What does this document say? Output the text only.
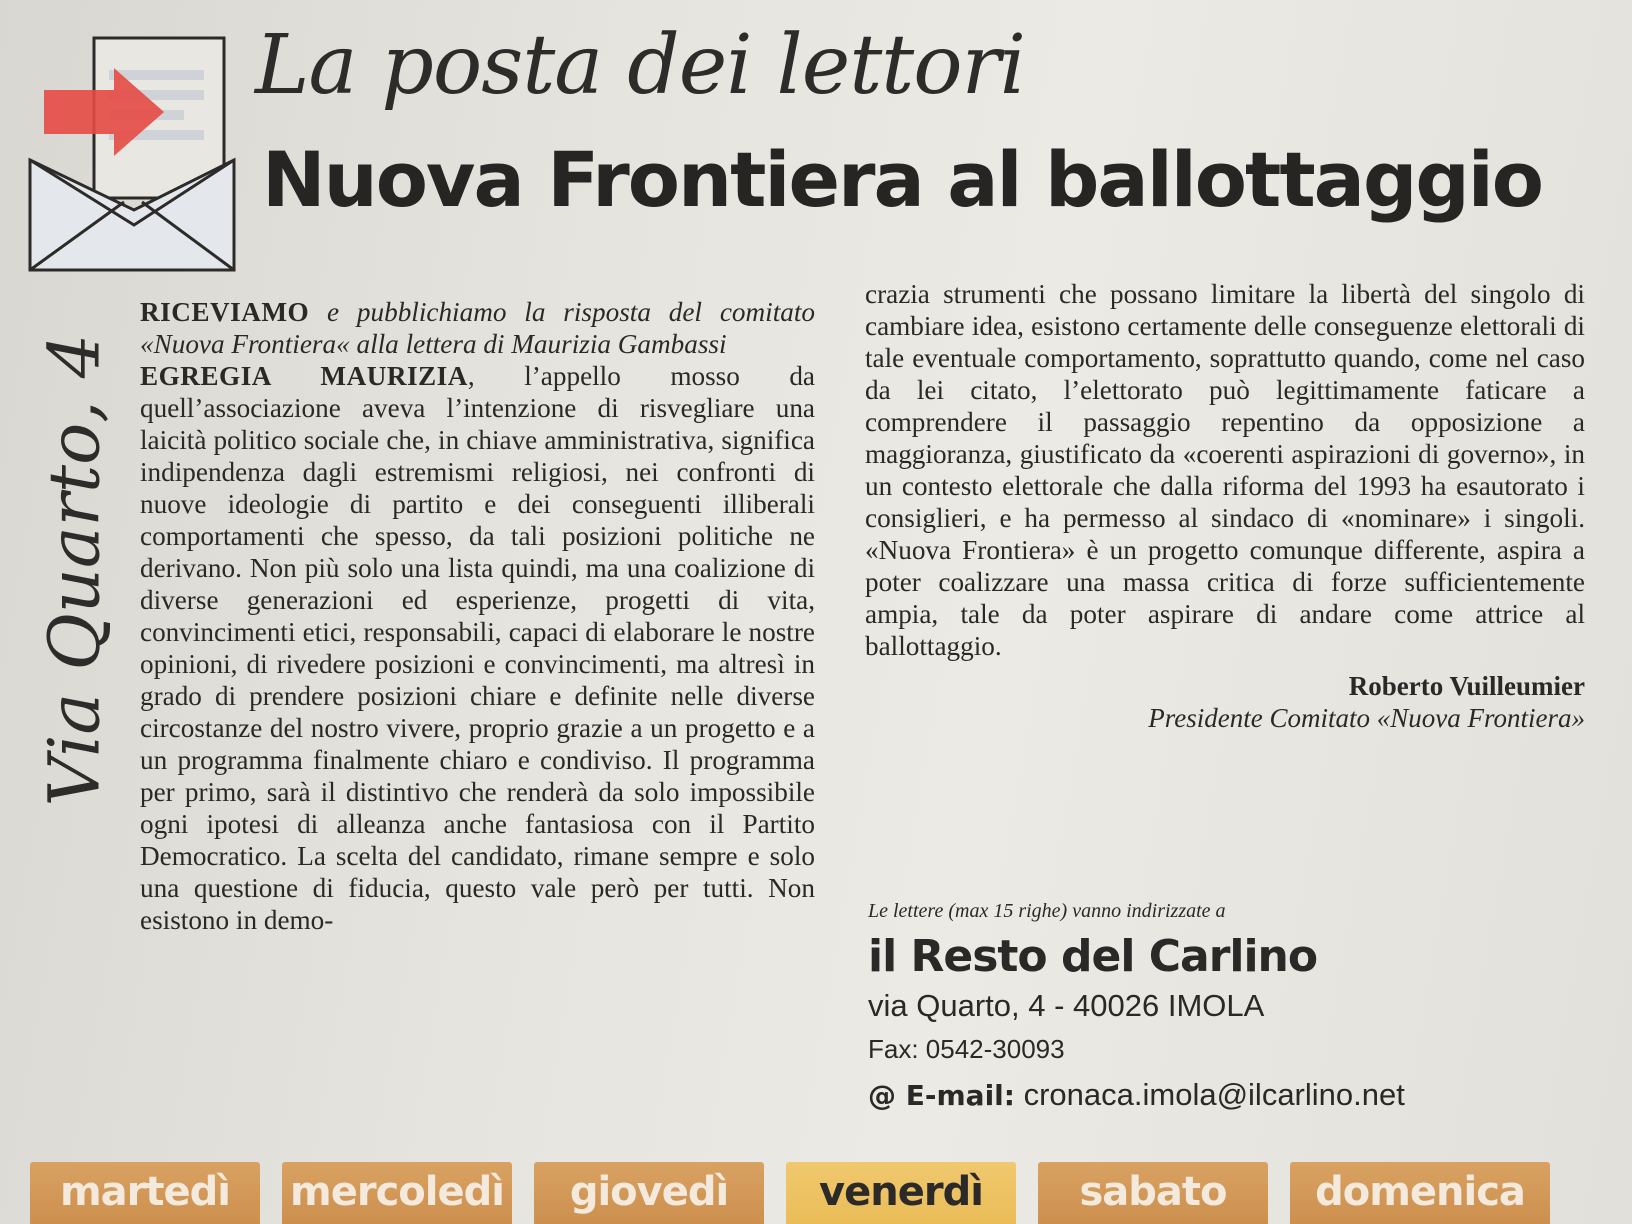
La posta dei lettori
Nuova Frontiera al ballottaggio
Via Quarto, 4

RICEVIAMO e pubblichiamo la risposta del comitato «Nuova Frontiera« alla lettera di Maurizia Gambassi

EGREGIA MAURIZIA, l’appello mosso da quell’associazione aveva l’intenzione di risvegliare una laicità politico sociale che, in chiave amministrativa, significa indipendenza dagli estremismi religiosi, nei confronti di nuove ideologie di partito e dei conseguenti illiberali comportamenti che spesso, da tali posizioni politiche ne derivano. Non più solo una lista quindi, ma una coalizione di diverse generazioni ed esperienze, progetti di vita, convincimenti etici, responsabili, capaci di elaborare le nostre opinioni, di rivedere posizioni e convincimenti, ma altresì in grado di prendere posizioni chiare e definite nelle diverse circostanze del nostro vivere, proprio grazie a un progetto e a un programma finalmente chiaro e condiviso. Il programma per primo, sarà il distintivo che renderà da solo impossibile ogni ipotesi di alleanza anche fantasiosa con il Partito Democratico. La scelta del candidato, rimane sempre e solo una questione di fiducia, questo vale però per tutti. Non esistono in demo-

crazia strumenti che possano limitare la libertà del singolo di cambiare idea, esistono certamente delle conseguenze elettorali di tale eventuale comportamento, soprattutto quando, come nel caso da lei citato, l’elettorato può legittimamente faticare a comprendere il passaggio repentino da opposizione a maggioranza, giustificato da «coerenti aspirazioni di governo», in un contesto elettorale che dalla riforma del 1993 ha esautorato i consiglieri, e ha permesso al sindaco di «nominare» i singoli. «Nuova Frontiera» è un progetto comunque differente, aspira a poter coalizzare una massa critica di forze sufficientemente ampia, tale da poter aspirare di andare come attrice al ballottaggio.

Roberto Vuilleumier
Presidente Comitato «Nuova Frontiera»
Le lettere (max 15 righe) vanno indirizzate a
il Resto del Carlino
via Quarto, 4 - 40026 IMOLA
Fax: 0542-30093
@ E-mail: cronaca.imola@ilcarlino.net
martedì	mercoledì	giovedì	venerdì	sabato	domenica
